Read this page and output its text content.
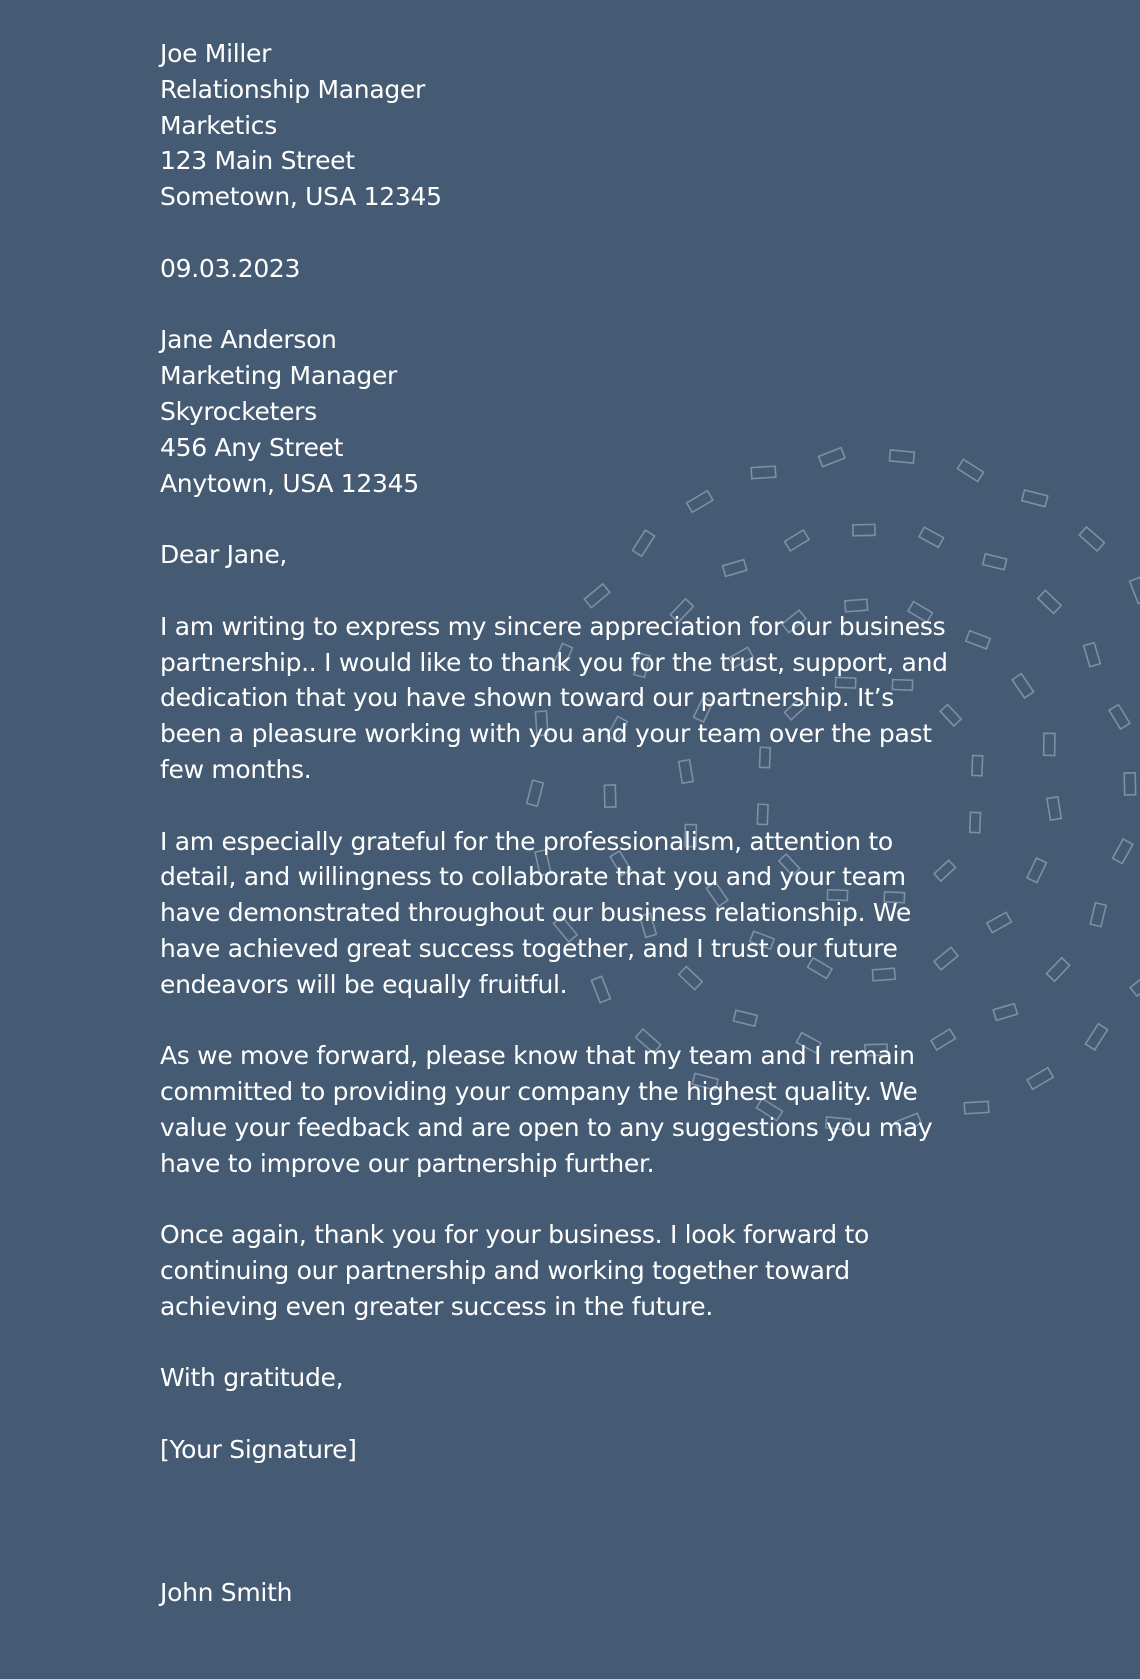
Joe Miller
Relationship Manager
Marketics
123 Main Street
Sometown, USA 12345
09.03.2023
Jane Anderson
Marketing Manager
Skyrocketers
456 Any Street
Anytown, USA 12345
Dear Jane,
I am writing to express my sincere appreciation for our business
partnership.. I would like to thank you for the trust, support, and
dedication that you have shown toward our partnership. It’s
been a pleasure working with you and your team over the past
few months.
I am especially grateful for the professionalism, attention to
detail, and willingness to collaborate that you and your team
have demonstrated throughout our business relationship. We
have achieved great success together, and I trust our future
endeavors will be equally fruitful.
As we move forward, please know that my team and I remain
committed to providing your company the highest quality. We
value your feedback and are open to any suggestions you may
have to improve our partnership further.
Once again, thank you for your business. I look forward to
continuing our partnership and working together toward
achieving even greater success in the future.
With gratitude,
[Your Signature]
John Smith
